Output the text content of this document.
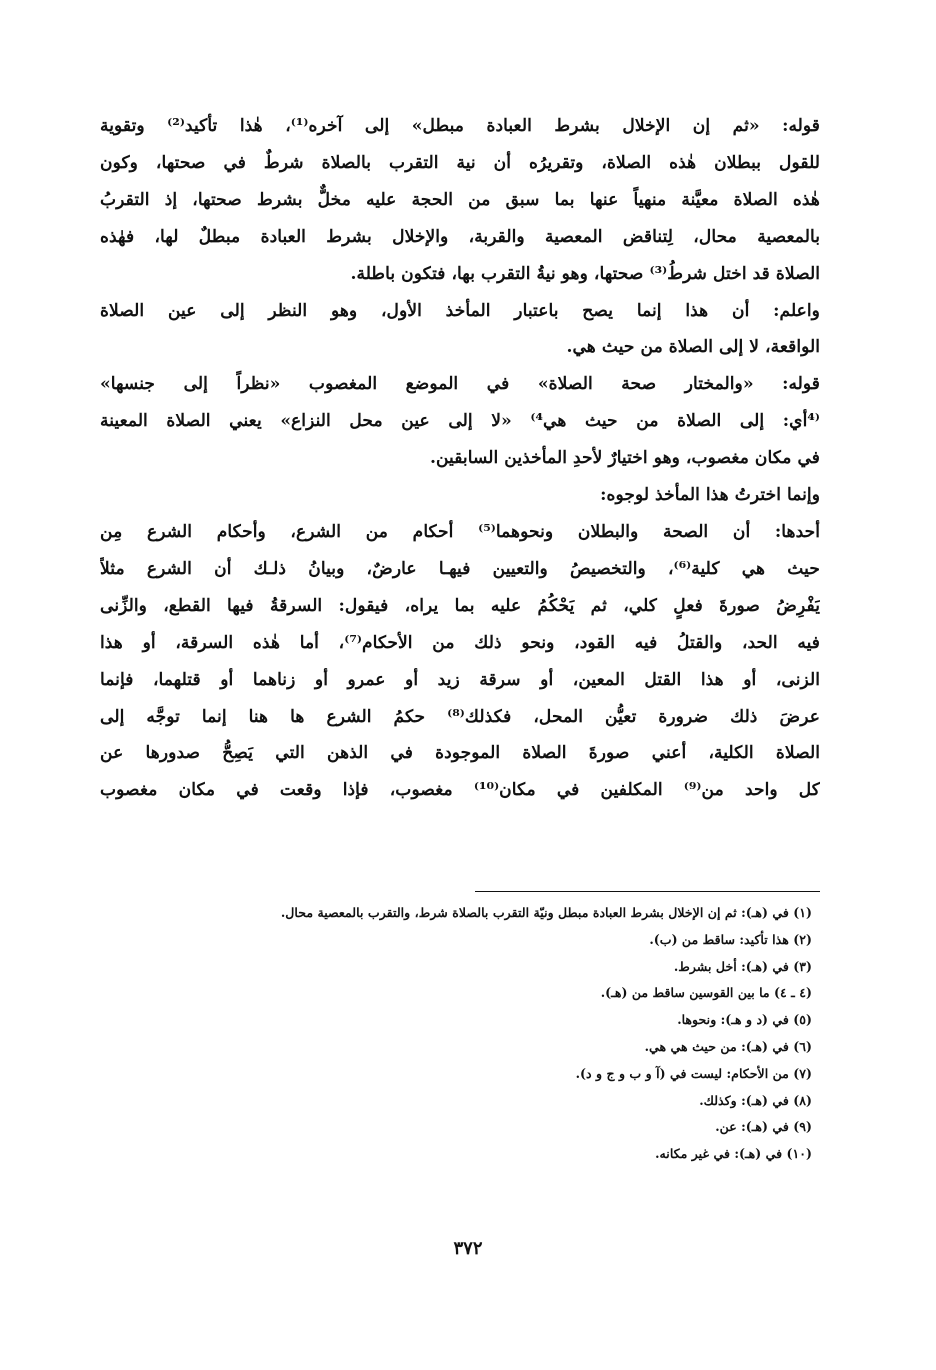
قوله: «ثم إن الإخلال بشرط العبادة مبطل» إلى آخره⁽¹⁾، هٰذا تأكيد⁽²⁾ وتقوية
للقول ببطلان هٰذه الصلاة، وتقريرُه أن نية التقرب بالصلاة شرطٌ في صحتها، وكون
هٰذه الصلاة معيَّنة منهياً عنها بما سبق من الحجة عليه مخلٌّ بشرط صحتها، إذ التقربُ
بالمعصية محال، لِتناقض المعصية والقربة، والإخلال بشرط العبادة مبطلٌ لها، فهٰذه
الصلاة قد اختل شرطُ⁽³⁾ صحتها، وهو نيةُ التقرب بها، فتكون باطلة.
واعلم: أن هذا إنما يصح باعتبار المأخذ الأول، وهو النظر إلى عين الصلاة
الواقعة، لا إلى الصلاة من حيث هي.
قوله: «والمختار صحة الصلاة» في الموضع المغصوب «نظراً إلى جنسها»
⁽⁴أي: إلى الصلاة من حيث هي⁴⁾ «لا إلى عين محل النزاع» يعني الصلاة المعينة
في مكان مغصوب، وهو اختيارٌ لأحدِ المأخذين السابقين.
وإنما اخترتُ هذا المأخذ لوجوه:
أحدها: أن الصحة والبطلان ونحوهما⁽⁵⁾ أحكام من الشرع، وأحكام الشرع مِن
حيث هي كلية⁽⁶⁾، والتخصيصُ والتعيين فيهـا عارضٌ، وبيانُ ذلـك أن الشرع مثلاً
يَفْرِضُ صورةَ فعلٍ كلي، ثم يَحْكُمُ عليه بما يراه، فيقول: السرقةُ فيها القطع، والزِّنى
فيه الحد، والقتلُ فيه القود، ونحو ذلك من الأحكام⁽⁷⁾، أما هٰذه السرقة، أو هذا
الزنى، أو هذا القتل المعين، أو سرقة زيد أو عمرو أو زناهما أو قتلهما، فإنما
عرضَ ذلك ضرورة تعيُّن المحل، فكذلك⁽⁸⁾ حكمُ الشرع ها هنا إنما توجَّه إلى
الصلاة الكلية، أعني صورةَ الصلاة الموجودة في الذهن التي يَصِحُّ صدورها عن
كل واحد من⁽⁹⁾ المكلفين في مكان⁽¹⁰⁾ مغصوب، فإذا وقعت في مكان مغصوب
(١) في (هـ): ثم إن الإخلال بشرط العبادة مبطل ونيّة التقرب بالصلاة شرط، والتقرب بالمعصية محال.
(٢) هذا تأكيد: ساقط من (ب).
(٣) في (هـ): أخل بشرط.
(٤ ـ ٤) ما بين القوسين ساقط من (هـ).
(٥) في (د و هـ): ونحوها.
(٦) في (هـ): من حيث هي هي.
(٧) من الأحكام: ليست في (آ و ب و ج و د).
(٨) في (هـ): وكذلك.
(٩) في (هـ): عن.
(١٠) في (هـ): في غير مكانه.
٣٧٢
